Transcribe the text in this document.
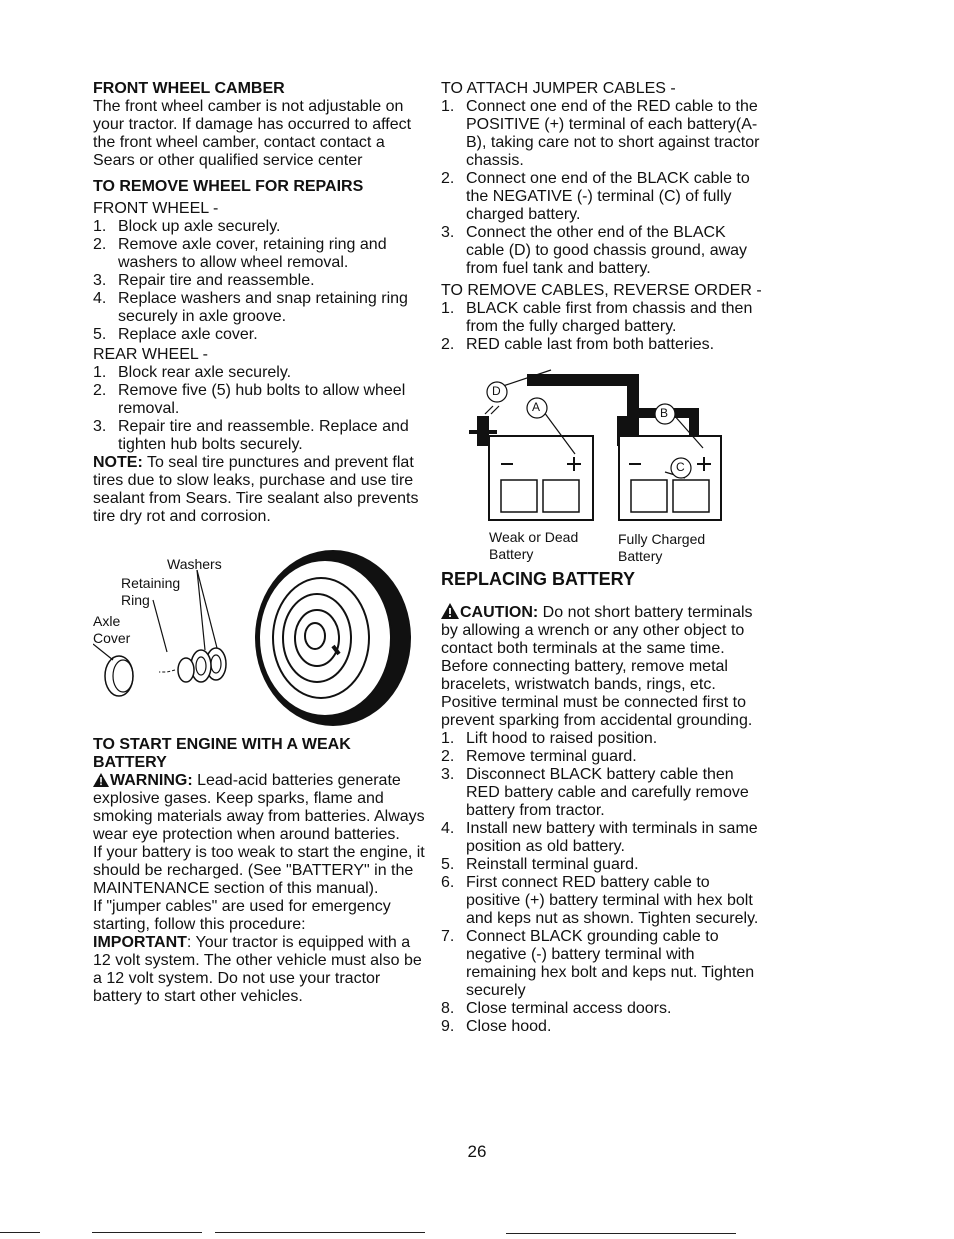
FRONT WHEEL CAMBER

The front wheel camber is not adjustable on your tractor. If damage has occurred to affect the front wheel camber, contact contact a Sears or other qualified service center

TO REMOVE WHEEL FOR REPAIRS

FRONT WHEEL -

1. Block up axle securely.
2. Remove axle cover, retaining ring and washers to allow wheel removal.
3. Repair tire and reassemble.
4. Replace washers and snap retaining ring securely in axle groove.
5. Replace axle cover.

REAR WHEEL -

1. Block rear axle securely.
2. Remove five (5) hub bolts to allow wheel removal.
3. Repair tire and reassemble. Replace and tighten hub bolts securely.

NOTE: To seal tire punctures and prevent flat tires due to slow leaks, purchase and use tire sealant from Sears. Tire sealant also prevents tire dry rot and corrosion.

Washers
Retaining
Ring
Axle
Cover
TO START ENGINE WITH A WEAK BATTERY

WARNING: Lead-acid batteries generate explosive gases. Keep sparks, flame and smoking materials away from batteries. Always wear eye protection when around batteries.

If your battery is too weak to start the engine, it should be recharged. (See "BATTERY" in the MAINTENANCE section of this manual).

If "jumper cables" are used for emergency starting, follow this procedure:

IMPORTANT: Your tractor is equipped with a 12 volt system. The other vehicle must also be a 12 volt system. Do not use your tractor battery to start other vehicles.

TO ATTACH JUMPER CABLES -

1. Connect one end of the RED cable to the POSITIVE (+) terminal of each battery(A-B), taking care not to short against tractor chassis.
2. Connect one end of the BLACK cable to the NEGATIVE (-) terminal (C) of fully charged battery.
3. Connect the other end of the BLACK cable (D) to good chassis ground, away from fuel tank and battery.

TO REMOVE CABLES, REVERSE ORDER -

1. BLACK cable first from chassis and then from the fully charged battery.
2. RED cable last from both batteries.
D
A	B
C
Weak or Dead
Battery
Fully Charged
Battery
REPLACING BATTERY

CAUTION: Do not short battery terminals by allowing a wrench or any other object to contact both terminals at the same time. Before connecting battery, remove metal bracelets, wristwatch bands, rings, etc.

Positive terminal must be connected first to prevent sparking from accidental grounding.

1. Lift hood to raised position.
2. Remove terminal guard.
3. Disconnect BLACK battery cable then RED battery cable and carefully remove battery from tractor.
4. Install new battery with terminals in same position as old battery.
5. Reinstall terminal guard.
6. First connect RED battery cable to positive (+) battery terminal with hex bolt and keps nut as shown. Tighten securely.
7. Connect BLACK grounding cable to negative (-) battery terminal with remaining hex bolt and keps nut. Tighten securely
8. Close terminal access doors.
9. Close hood.
26
